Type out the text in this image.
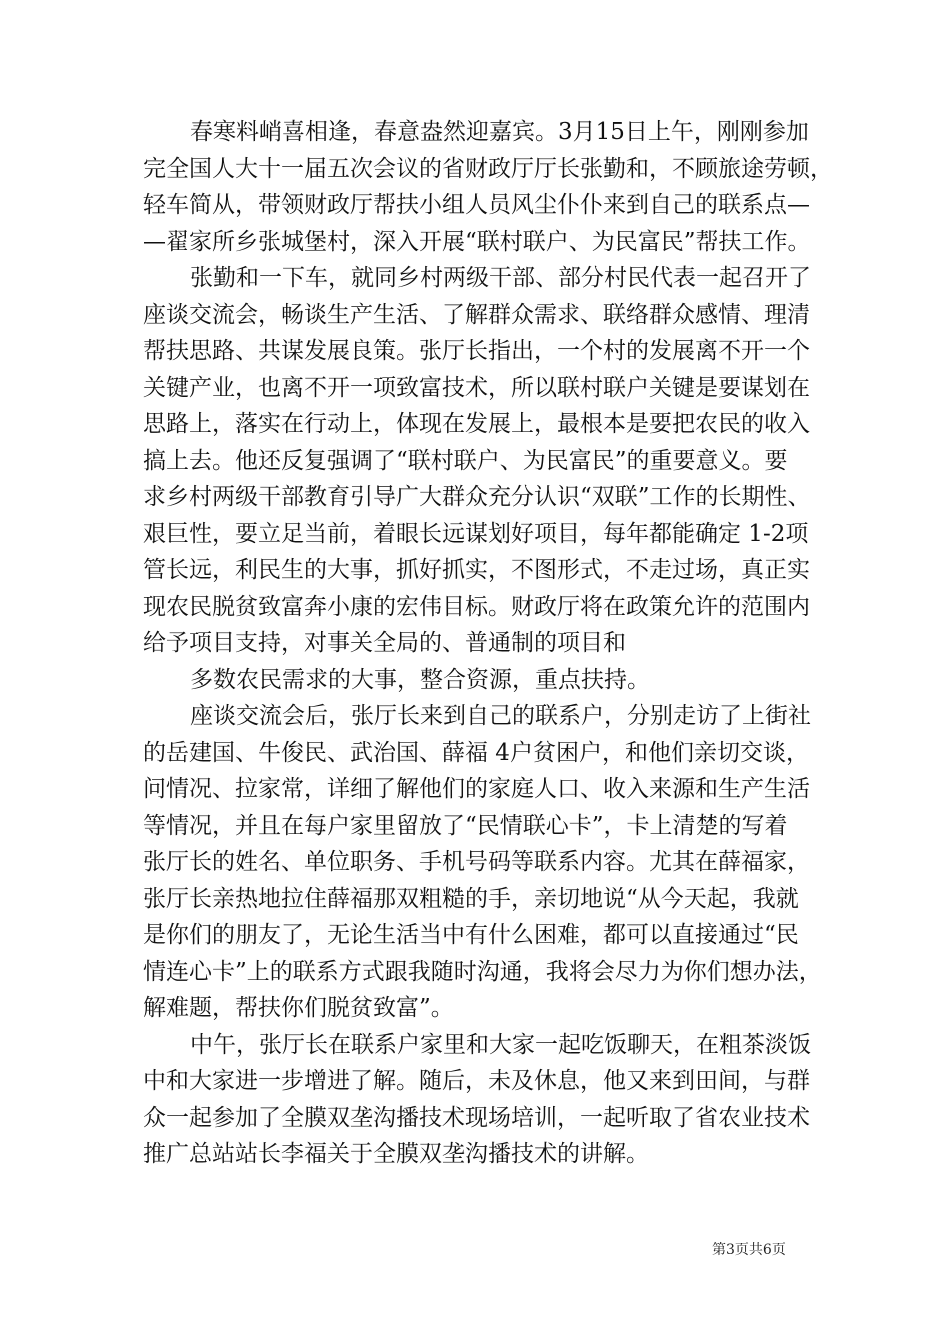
春寒料峭喜相逢，春意盎然迎嘉宾。3月15日上午，刚刚参加
完全国人大十一届五次会议的省财政厅厅长张勤和，不顾旅途劳顿，
轻车简从，带领财政厅帮扶小组人员风尘仆仆来到自己的联系点—
—翟家所乡张城堡村，深入开展“联村联户、为民富民”帮扶工作。
张勤和一下车，就同乡村两级干部、部分村民代表一起召开了
座谈交流会，畅谈生产生活、了解群众需求、联络群众感情、理清
帮扶思路、共谋发展良策。张厅长指出，一个村的发展离不开一个
关键产业，也离不开一项致富技术，所以联村联户关键是要谋划在
思路上，落实在行动上，体现在发展上，最根本是要把农民的收入
搞上去。他还反复强调了“联村联户、为民富民”的重要意义。要
求乡村两级干部教育引导广大群众充分认识“双联”工作的长期性、
艰巨性，要立足当前，着眼长远谋划好项目，每年都能确定 1-2项
管长远，利民生的大事，抓好抓实，不图形式，不走过场，真正实
现农民脱贫致富奔小康的宏伟目标。财政厅将在政策允许的范围内
给予项目支持，对事关全局的、普通制的项目和
多数农民需求的大事，整合资源，重点扶持。
座谈交流会后，张厅长来到自己的联系户，分别走访了上街社
的岳建国、牛俊民、武治国、薛福 4户贫困户，和他们亲切交谈，
问情况、拉家常，详细了解他们的家庭人口、收入来源和生产生活
等情况，并且在每户家里留放了“民情联心卡”，卡上清楚的写着
张厅长的姓名、单位职务、手机号码等联系内容。尤其在薛福家，
张厅长亲热地拉住薛福那双粗糙的手，亲切地说“从今天起，我就
是你们的朋友了，无论生活当中有什么困难，都可以直接通过“民
情连心卡”上的联系方式跟我随时沟通，我将会尽力为你们想办法，
解难题，帮扶你们脱贫致富”。
中午，张厅长在联系户家里和大家一起吃饭聊天，在粗茶淡饭
中和大家进一步增进了解。随后，未及休息，他又来到田间，与群
众一起参加了全膜双垄沟播技术现场培训，一起听取了省农业技术
推广总站站长李福关于全膜双垄沟播技术的讲解。
第3页共6页
